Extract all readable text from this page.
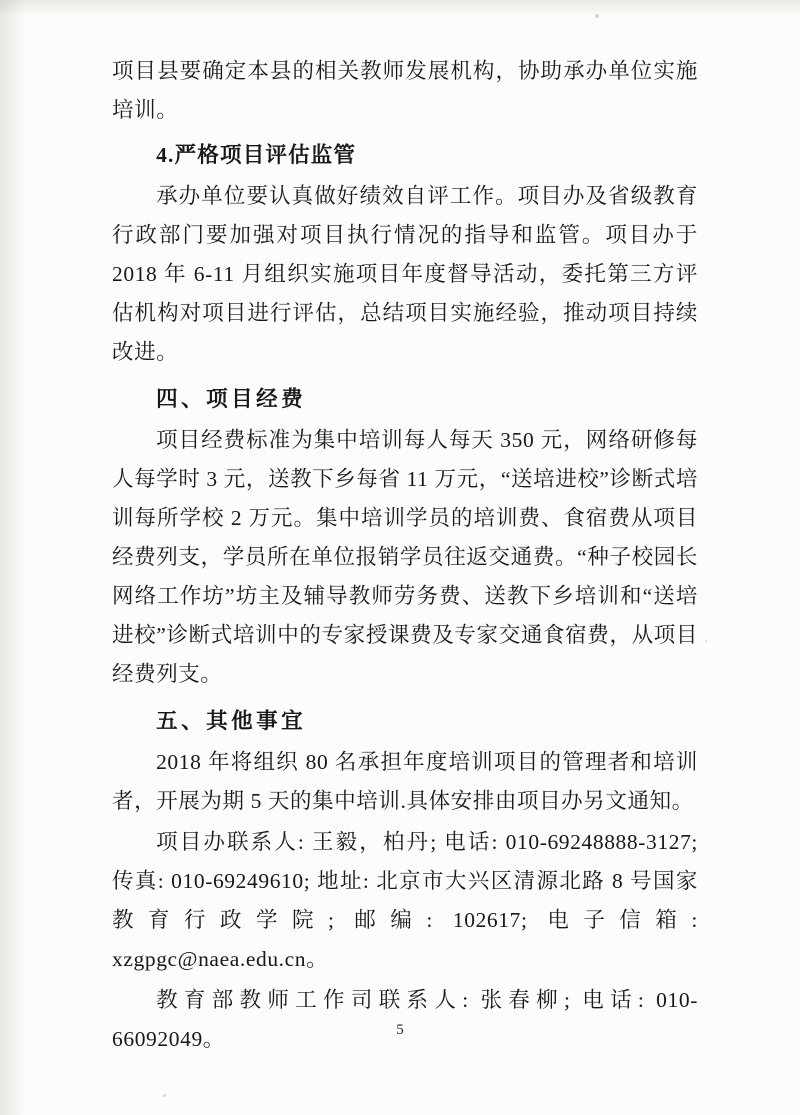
项目县要确定本县的相关教师发展机构，协助承办单位实施培训。

4.严格项目评估监管

承办单位要认真做好绩效自评工作。项目办及省级教育行政部门要加强对项目执行情况的指导和监管。项目办于 2018 年 6-11 月组织实施项目年度督导活动，委托第三方评估机构对项目进行评估，总结项目实施经验，推动项目持续改进。

四、项目经费

项目经费标准为集中培训每人每天 350 元，网络研修每人每学时 3 元，送教下乡每省 11 万元，“送培进校”诊断式培训每所学校 2 万元。集中培训学员的培训费、食宿费从项目经费列支，学员所在单位报销学员往返交通费。“种子校园长网络工作坊”坊主及辅导教师劳务费、送教下乡培训和“送培进校”诊断式培训中的专家授课费及专家交通食宿费，从项目经费列支。

五、其他事宜

2018 年将组织 80 名承担年度培训项目的管理者和培训者，开展为期 5 天的集中培训.具体安排由项目办另文通知。

项目办联系人: 王毅，柏丹; 电话: 010-69248888-3127; 传真: 010-69249610; 地址: 北京市大兴区清源北路 8 号国家教育行政学院; 邮编: 102617; 电子信箱: xzgpgc@naea.edu.cn。

教育部教师工作司联系人: 张春柳; 电话: 010-66092049。	5
